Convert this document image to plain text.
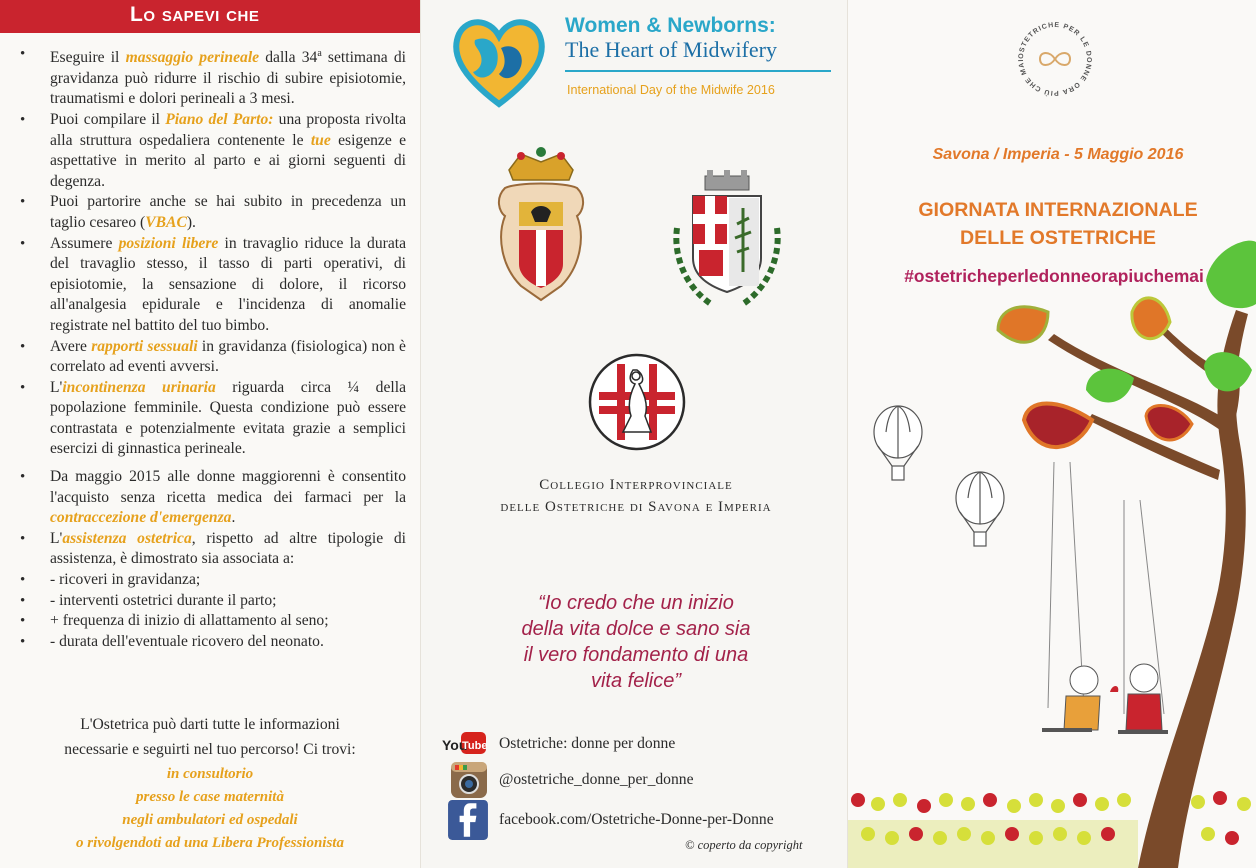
Lo sapevi che
• Eseguire il massaggio perineale dalla 34$^a$ settimana di gravidanza può ridurre il rischio di subire episiotomie, traumatismi e dolori perineali a 3 mesi.
• Puoi compilare il Piano del Parto: una proposta rivolta alla struttura ospedaliera contenente le tue esigenze e aspettative in merito al parto e ai giorni seguenti di degenza.
• Puoi partorire anche se hai subito in precedenza un taglio cesareo (VBAC).
• Assumere posizioni libere in travaglio riduce la durata del travaglio stesso, il tasso di parti operativi, di episiotomie, la sensazione di dolore, il ricorso all'analgesia epidurale e l'incidenza di anomalie registrate nel battito del tuo bimbo.
• Avere rapporti sessuali in gravidanza (fisiologica) non è correlato ad eventi avversi.
• L'incontinenza urinaria riguarda circa ¼ della popolazione femminile. Questa condizione può essere contrastata e potenzialmente evitata grazie a semplici esercizi di ginnastica perineale.
• Da maggio 2015 alle donne maggiorenni è consentito l'acquisto senza ricetta medica dei farmaci per la contraccezione d'emergenza.
• L'assistenza ostetrica, rispetto ad altre tipologie di assistenza, è dimostrato sia associata a:
• - ricoveri in gravidanza;
• - interventi ostetrici durante il parto;
• + frequenza di inizio di allattamento al seno;
• - durata dell'eventuale ricovero del neonato.
L'Ostetrica può darti tutte le informazioni
necessarie e seguirti nel tuo percorso! Ci trovi:
in consultorio
presso le case maternità
negli ambulatori ed ospedali
o rivolgendoti ad una Libera Professionista
Women & Newborns:
The Heart of Midwifery
International Day of the Midwife 2016
Collegio Interprovinciale
delle Ostetriche di Savona e Imperia
“Io credo che un inizio
della vita dolce e sano sia
il vero fondamento di una
vita felice”
You
Tube Ostetriche: donne per donne
@ostetriche_donne_per_donne
facebook.com/Ostetriche-Donne-per-Donne
© coperto da copyright
OSTETRICHE PER LE DONNE ORA PIÙ CHE MAI
Savona / Imperia - 5 Maggio 2016
GIORNATA INTERNAZIONALE
DELLE OSTETRICHE
#ostetricheperledonneorapiuchemai
